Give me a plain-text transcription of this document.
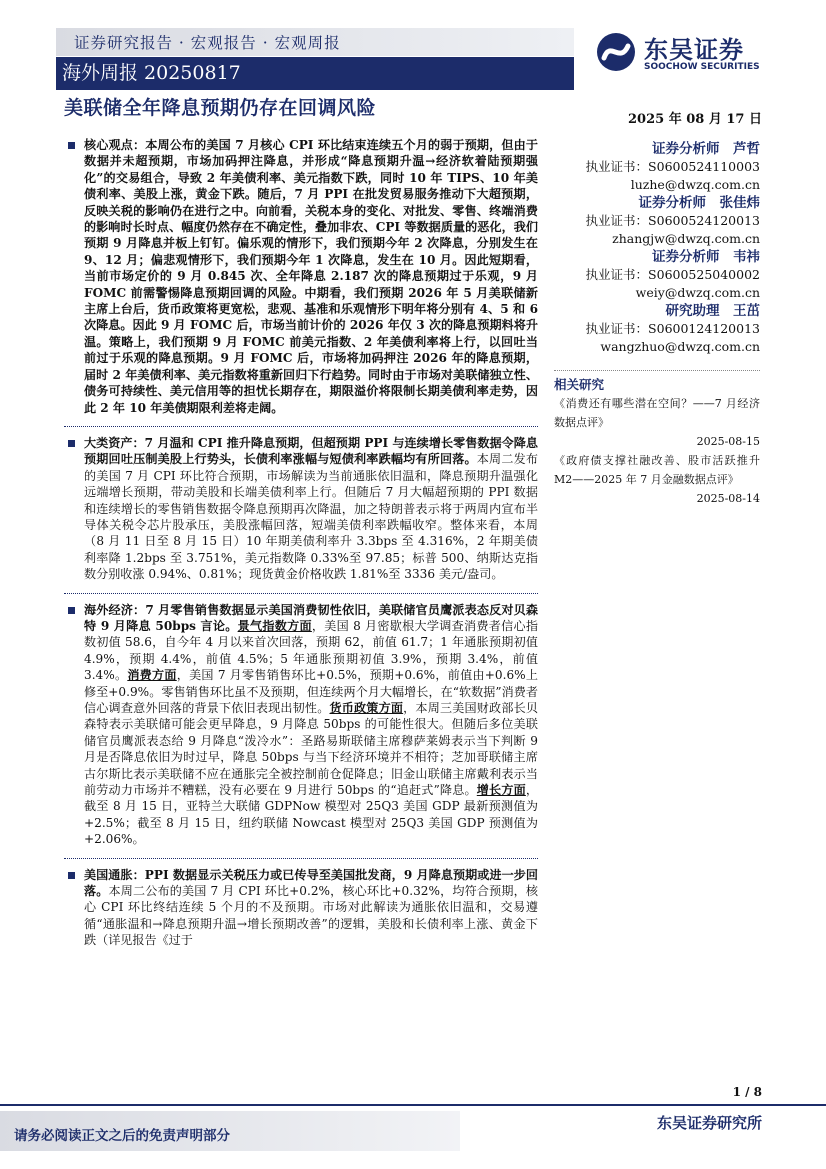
证券研究报告 · 宏观报告 · 宏观周报
海外周报 20250817
东吴证券
SOOCHOW SECURITIES
美联储全年降息预期仍存在回调风险
2025 年 08 月 17 日
核心观点：本周公布的美国 7 月核心 CPI 环比结束连续五个月的弱于预期，但由于数据并未超预期，市场加码押注降息，并形成“降息预期升温→经济软着陆预期强化”的交易组合，导致 2 年美债利率、美元指数下跌，同时 10 年 TIPS、10 年美债利率、美股上涨，黄金下跌。随后，7 月 PPI 在批发贸易服务推动下大超预期，反映关税的影响仍在进行之中。向前看，关税本身的变化、对批发、零售、终端消费的影响时长时点、幅度仍然存在不确定性，叠加非农、CPI 等数据质量的恶化，我们预期 9 月降息并板上钉钉。偏乐观的情形下，我们预期今年 2 次降息，分别发生在 9、12 月；偏悲观情形下，我们预期今年 1 次降息，发生在 10 月。因此短期看，当前市场定价的 9 月 0.845 次、全年降息 2.187 次的降息预期过于乐观，9 月 FOMC 前需警惕降息预期回调的风险。中期看，我们预期 2026 年 5 月美联储新主席上台后，货币政策将更宽松，悲观、基准和乐观情形下明年将分别有 4、5 和 6 次降息。因此 9 月 FOMC 后，市场当前计价的 2026 年仅 3 次的降息预期料将升温。策略上，我们预期 9 月 FOMC 前美元指数、2 年美债利率将上行，以回吐当前过于乐观的降息预期。9 月 FOMC 后，市场将加码押注 2026 年的降息预期，届时 2 年美债利率、美元指数将重新回归下行趋势。同时由于市场对美联储独立性、债务可持续性、美元信用等的担忧长期存在，期限溢价将限制长期美债利率走势，因此 2 年 10 年美债期限利差将走阔。
大类资产：7 月温和 CPI 推升降息预期，但超预期 PPI 与连续增长零售数据令降息预期回吐压制美股上行势头，长债利率涨幅与短债利率跌幅均有所回落。本周二发布的美国 7 月 CPI 环比符合预期，市场解读为当前通胀依旧温和，降息预期升温强化远端增长预期，带动美股和长端美债利率上行。但随后 7 月大幅超预期的 PPI 数据和连续增长的零售销售数据令降息预期再次降温，加之特朗普表示将于两周内宣布半导体关税令芯片股承压，美股涨幅回落，短端美债利率跌幅收窄。整体来看，本周（8 月 11 日至 8 月 15 日）10 年期美债利率升 3.3bps 至 4.316%，2 年期美债利率降 1.2bps 至 3.751%，美元指数降 0.33%至 97.85；标普 500、纳斯达克指数分别收涨 0.94%、0.81%；现货黄金价格收跌 1.81%至 3336 美元/盎司。
海外经济：7 月零售销售数据显示美国消费韧性依旧，美联储官员鹰派表态反对贝森特 9 月降息 50bps 言论。景气指数方面，美国 8 月密歇根大学调查消费者信心指数初值 58.6，自今年 4 月以来首次回落，预期 62，前值 61.7；1 年通胀预期初值 4.9%，预期 4.4%，前值 4.5%；5 年通胀预期初值 3.9%，预期 3.4%，前值 3.4%。消费方面，美国 7 月零售销售环比+0.5%，预期+0.6%，前值由+0.6%上修至+0.9%。零售销售环比虽不及预期，但连续两个月大幅增长，在“软数据”消费者信心调查意外回落的背景下依旧表现出韧性。货币政策方面，本周三美国财政部长贝森特表示美联储可能会更早降息，9 月降息 50bps 的可能性很大。但随后多位美联储官员鹰派表态给 9 月降息“泼冷水”：圣路易斯联储主席穆萨莱姆表示当下判断 9 月是否降息依旧为时过早，降息 50bps 与当下经济环境并不相符；芝加哥联储主席古尔斯比表示美联储不应在通胀完全被控制前仓促降息；旧金山联储主席戴利表示当前劳动力市场并不糟糕，没有必要在 9 月进行 50bps 的“追赶式”降息。增长方面，截至 8 月 15 日，亚特兰大联储 GDPNow 模型对 25Q3 美国 GDP 最新预测值为+2.5%；截至 8 月 15 日，纽约联储 Nowcast 模型对 25Q3 美国 GDP 预测值为+2.06%。
美国通胀：PPI 数据显示关税压力或已传导至美国批发商，9 月降息预期或进一步回落。本周二公布的美国 7 月 CPI 环比+0.2%，核心环比+0.32%，均符合预期，核心 CPI 环比终结连续 5 个月的不及预期。市场对此解读为通胀依旧温和，交易遵循“通胀温和→降息预期升温→增长预期改善”的逻辑，美股和长债利率上涨、黄金下跌（详见报告《过于
证券分析师　芦哲
执业证书：S0600524110003
luzhe@dwzq.com.cn
证券分析师　张佳炜
执业证书：S0600524120013
zhangjw@dwzq.com.cn
证券分析师　韦祎
执业证书：S0600525040002
weiy@dwzq.com.cn
研究助理　王茁
执业证书：S0600124120013
wangzhuo@dwzq.com.cn
相关研究
《消费还有哪些潜在空间？——7 月经济数据点评》
2025-08-15
《政府债支撑社融改善、股市活跃推升 M2——2025 年 7 月金融数据点评》
2025-08-14
1 / 8
请务必阅读正文之后的免责声明部分
东吴证券研究所
